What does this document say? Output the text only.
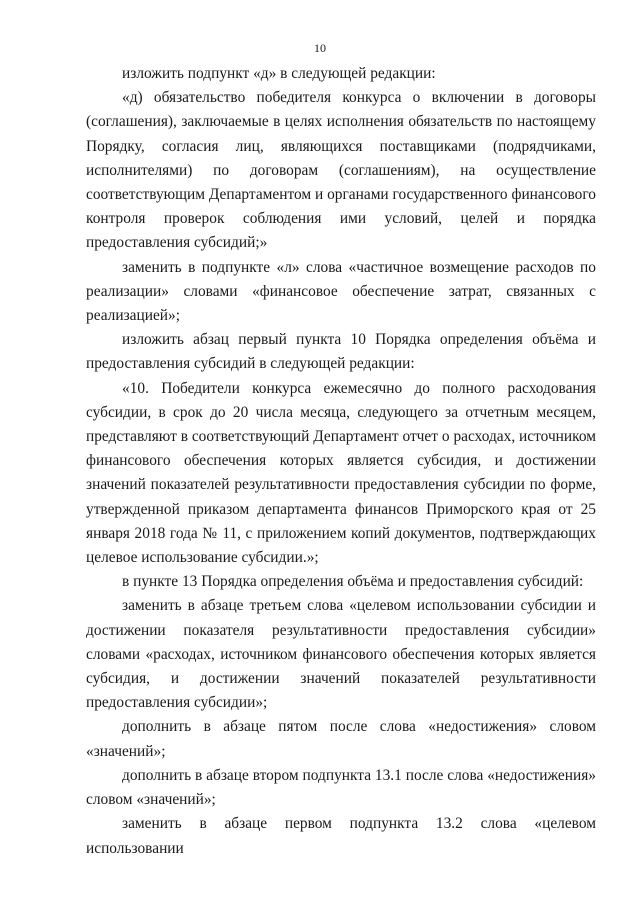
10

изложить подпункт «д» в следующей редакции:

«д) обязательство победителя конкурса о включении в договоры (соглашения), заключаемые в целях исполнения обязательств по настоящему Порядку, согласия лиц, являющихся поставщиками (подрядчиками, исполнителями) по договорам (соглашениям), на осуществление соответствующим Департаментом и органами государственного финансового контроля проверок соблюдения ими условий, целей и порядка предоставления субсидий;»

заменить в подпункте «л» слова «частичное возмещение расходов по реализации» словами «финансовое обеспечение затрат, связанных с реализацией»;

изложить абзац первый пункта 10 Порядка определения объёма и предоставления субсидий в следующей редакции:

«10. Победители конкурса ежемесячно до полного расходования субсидии, в срок до 20 числа месяца, следующего за отчетным месяцем, представляют в соответствующий Департамент отчет о расходах, источником финансового обеспечения которых является субсидия, и достижении значений показателей результативности предоставления субсидии по форме, утвержденной приказом департамента финансов Приморского края от 25 января 2018 года № 11, с приложением копий документов, подтверждающих целевое использование субсидии.»;

в пункте 13 Порядка определения объёма и предоставления субсидий:

заменить в абзаце третьем слова «целевом использовании субсидии и достижении показателя результативности предоставления субсидии» словами «расходах, источником финансового обеспечения которых является субсидия, и достижении значений показателей результативности предоставления субсидии»;

дополнить в абзаце пятом после слова «недостижения» словом «значений»;

дополнить в абзаце втором подпункта 13.1 после слова «недостижения» словом «значений»;

заменить в абзаце первом подпункта 13.2 слова «целевом использовании
